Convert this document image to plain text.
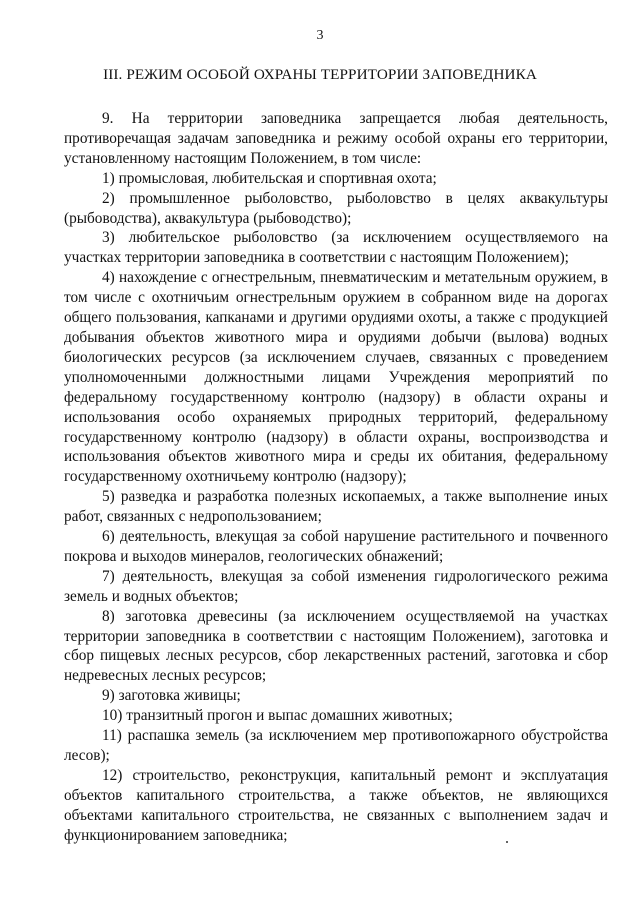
3
III. РЕЖИМ ОСОБОЙ ОХРАНЫ ТЕРРИТОРИИ ЗАПОВЕДНИКА

9. На территории заповедника запрещается любая деятельность, противоречащая задачам заповедника и режиму особой охраны его территории, установленному настоящим Положением, в том числе:

1) промысловая, любительская и спортивная охота;

2) промышленное рыболовство, рыболовство в целях аквакультуры (рыбоводства), аквакультура (рыбоводство);

3) любительское рыболовство (за исключением осуществляемого на участках территории заповедника в соответствии с настоящим Положением);

4) нахождение с огнестрельным, пневматическим и метательным оружием, в том числе с охотничьим огнестрельным оружием в собранном виде на дорогах общего пользования, капканами и другими орудиями охоты, а также с продукцией добывания объектов животного мира и орудиями добычи (вылова) водных биологических ресурсов (за исключением случаев, связанных с проведением уполномоченными должностными лицами Учреждения мероприятий по федеральному государственному контролю (надзору) в области охраны и использования особо охраняемых природных территорий, федеральному государственному контролю (надзору) в области охраны, воспроизводства и использования объектов животного мира и среды их обитания, федеральному государственному охотничьему контролю (надзору);

5) разведка и разработка полезных ископаемых, а также выполнение иных работ, связанных с недропользованием;

6) деятельность, влекущая за собой нарушение растительного и почвенного покрова и выходов минералов, геологических обнажений;

7) деятельность, влекущая за собой изменения гидрологического режима земель и водных объектов;

8) заготовка древесины (за исключением осуществляемой на участках территории заповедника в соответствии с настоящим Положением), заготовка и сбор пищевых лесных ресурсов, сбор лекарственных растений, заготовка и сбор недревесных лесных ресурсов;

9) заготовка живицы;

10) транзитный прогон и выпас домашних животных;

11) распашка земель (за исключением мер противопожарного обустройства лесов);

12) строительство, реконструкция, капитальный ремонт и эксплуатация объектов капитального строительства, а также объектов, не являющихся объектами капитального строительства, не связанных с выполнением задач и функционированием заповедника;
